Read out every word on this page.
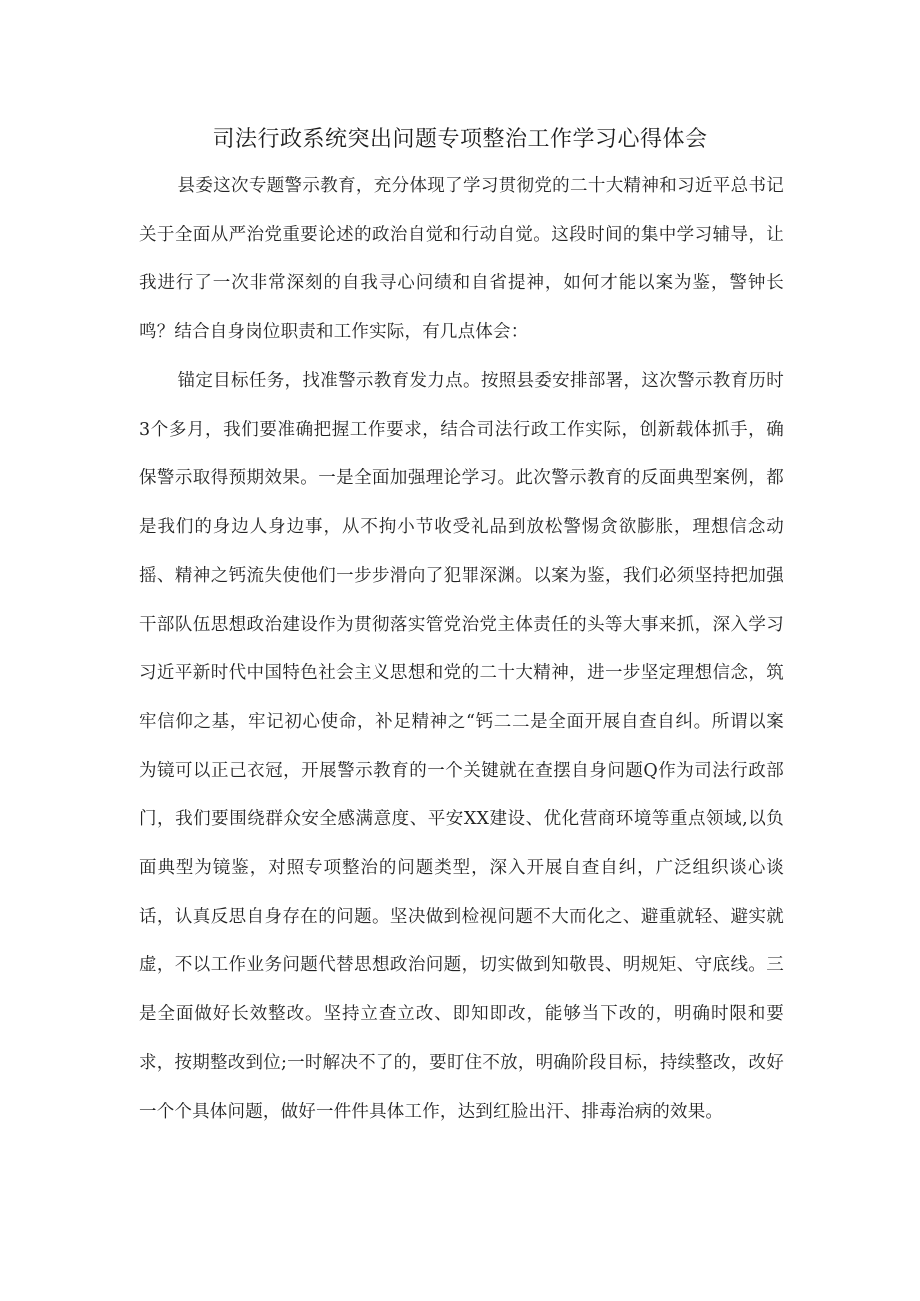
司法行政系统突出问题专项整治工作学习心得体会

县委这次专题警示教育，充分体现了学习贯彻党的二十大精神和习近平总书记关于全面从严治党重要论述的政治自觉和行动自觉。这段时间的集中学习辅导，让我进行了一次非常深刻的自我寻心问绩和自省提神，如何才能以案为鉴，警钟长鸣？结合自身岗位职责和工作实际，有几点体会：

锚定目标任务，找准警示教育发力点。按照县委安排部署，这次警示教育历时3个多月，我们要准确把握工作要求，结合司法行政工作实际，创新载体抓手，确保警示取得预期效果。一是全面加强理论学习。此次警示教育的反面典型案例，都是我们的身边人身边事，从不拘小节收受礼品到放松警惕贪欲膨胀，理想信念动摇、精神之钙流失使他们一步步滑向了犯罪深渊。以案为鉴，我们必须坚持把加强干部队伍思想政治建设作为贯彻落实管党治党主体责任的头等大事来抓，深入学习习近平新时代中国特色社会主义思想和党的二十大精神，进一步坚定理想信念，筑牢信仰之基，牢记初心使命，补足精神之“钙二二是全面开展自查自纠。所谓以案为镜可以正己衣冠，开展警示教育的一个关键就在查摆自身问题Q作为司法行政部门，我们要围绕群众安全感满意度、平安XX建设、优化营商环境等重点领域,以负面典型为镜鉴，对照专项整治的问题类型，深入开展自查自纠，广泛组织谈心谈话，认真反思自身存在的问题。坚决做到检视问题不大而化之、避重就轻、避实就虚，不以工作业务问题代替思想政治问题，切实做到知敬畏、明规矩、守底线。三是全面做好长效整改。坚持立查立改、即知即改，能够当下改的，明确时限和要求，按期整改到位;一时解决不了的，要盯住不放，明确阶段目标，持续整改，改好一个个具体问题，做好一件件具体工作，达到红脸出汗、排毒治病的效果。
